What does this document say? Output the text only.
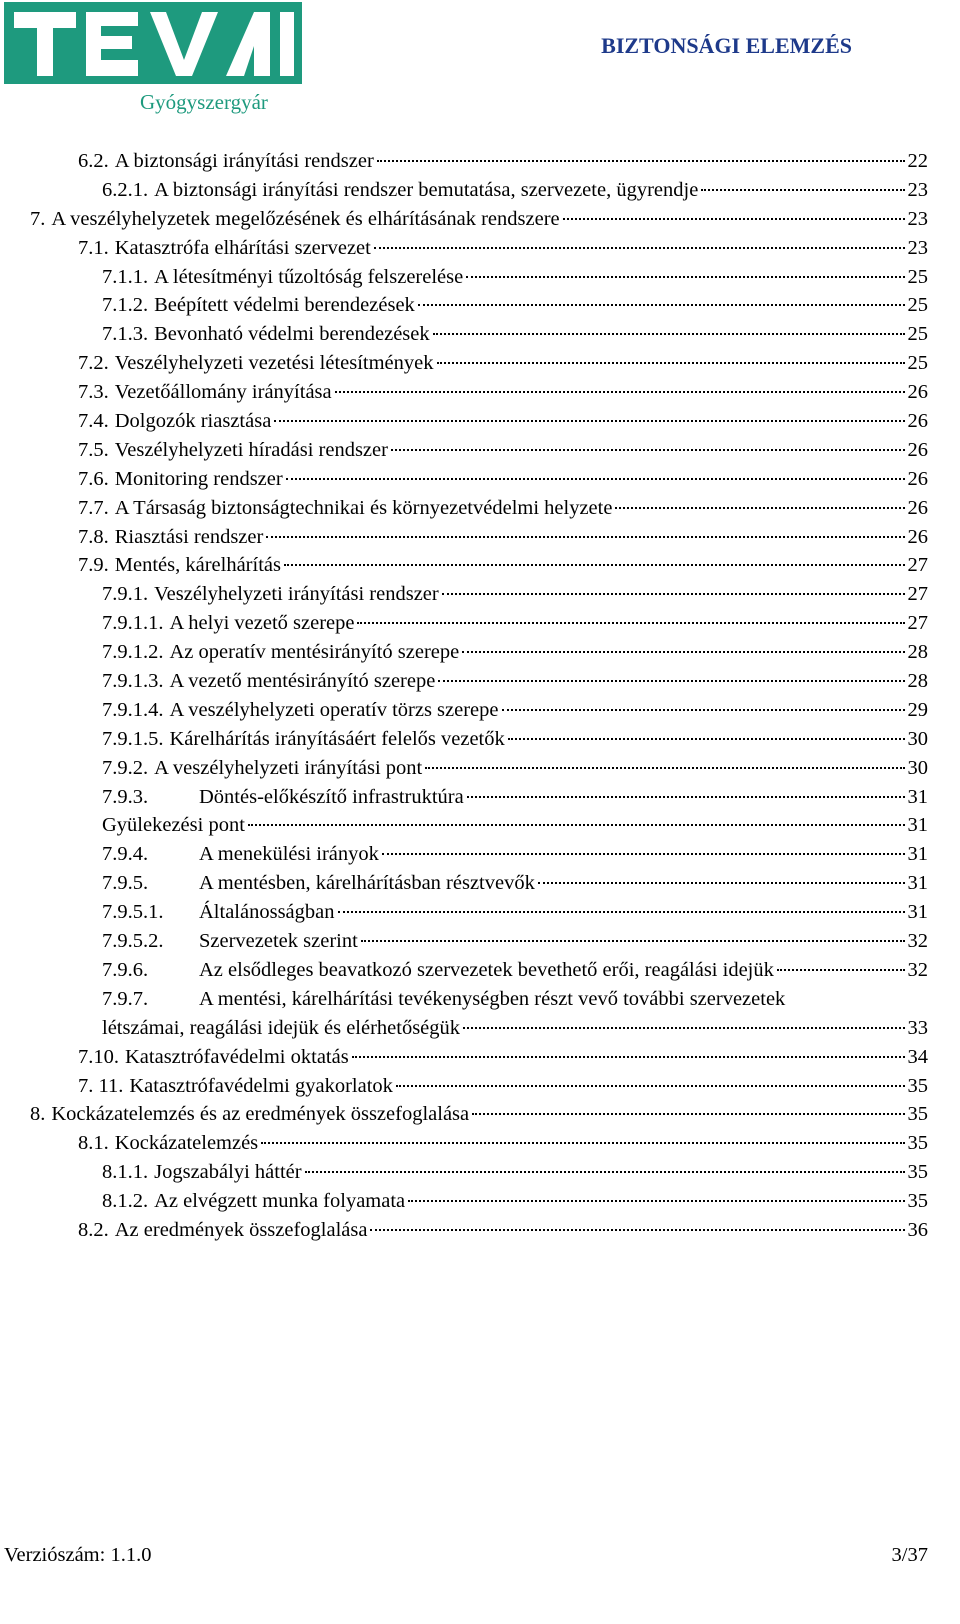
Gyógyszergyár
BIZTONSÁGI ELEMZÉS
6.2. A biztonsági irányítási rendszer	22
6.2.1. A biztonsági irányítási rendszer bemutatása, szervezete, ügyrendje	23
7. A veszélyhelyzetek megelőzésének és elhárításának rendszere	23
7.1. Katasztrófa elhárítási szervezet	23
7.1.1. A létesítményi tűzoltóság felszerelése	25
7.1.2. Beépített védelmi berendezések	25
7.1.3. Bevonható védelmi berendezések	25
7.2. Veszélyhelyzeti vezetési létesítmények	25
7.3. Vezetőállomány irányítása	26
7.4. Dolgozók riasztása	26
7.5. Veszélyhelyzeti híradási rendszer	26
7.6. Monitoring rendszer	26
7.7. A Társaság biztonságtechnikai és környezetvédelmi helyzete	26
7.8. Riasztási rendszer	26
7.9. Mentés, kárelhárítás	27
7.9.1. Veszélyhelyzeti irányítási rendszer	27
7.9.1.1. A helyi vezető szerepe	27
7.9.1.2. Az operatív mentésirányító szerepe	28
7.9.1.3. A vezető mentésirányító szerepe	28
7.9.1.4. A veszélyhelyzeti operatív törzs szerepe	29
7.9.1.5. Kárelhárítás irányításáért felelős vezetők	30
7.9.2. A veszélyhelyzeti irányítási pont	30
7.9.3. Döntés-előkészítő infrastruktúra	31
Gyülekezési pont	31
7.9.4. A menekülési irányok	31
7.9.5. A mentésben, kárelhárításban résztvevők	31
7.9.5.1. Általánosságban	31
7.9.5.2. Szervezetek szerint	32
7.9.6. Az elsődleges beavatkozó szervezetek bevethető erői, reagálási idejük	32
7.9.7. A mentési, kárelhárítási tevékenységben részt vevő további szervezetek
létszámai, reagálási idejük és elérhetőségük	33
7.10. Katasztrófavédelmi oktatás	34
7. 11. Katasztrófavédelmi gyakorlatok	35
8. Kockázatelemzés és az eredmények összefoglalása	35
8.1. Kockázatelemzés	35
8.1.1. Jogszabályi háttér	35
8.1.2. Az elvégzett munka folyamata	35
8.2. Az eredmények összefoglalása	36
Verziószám: 1.1.0	3/37
